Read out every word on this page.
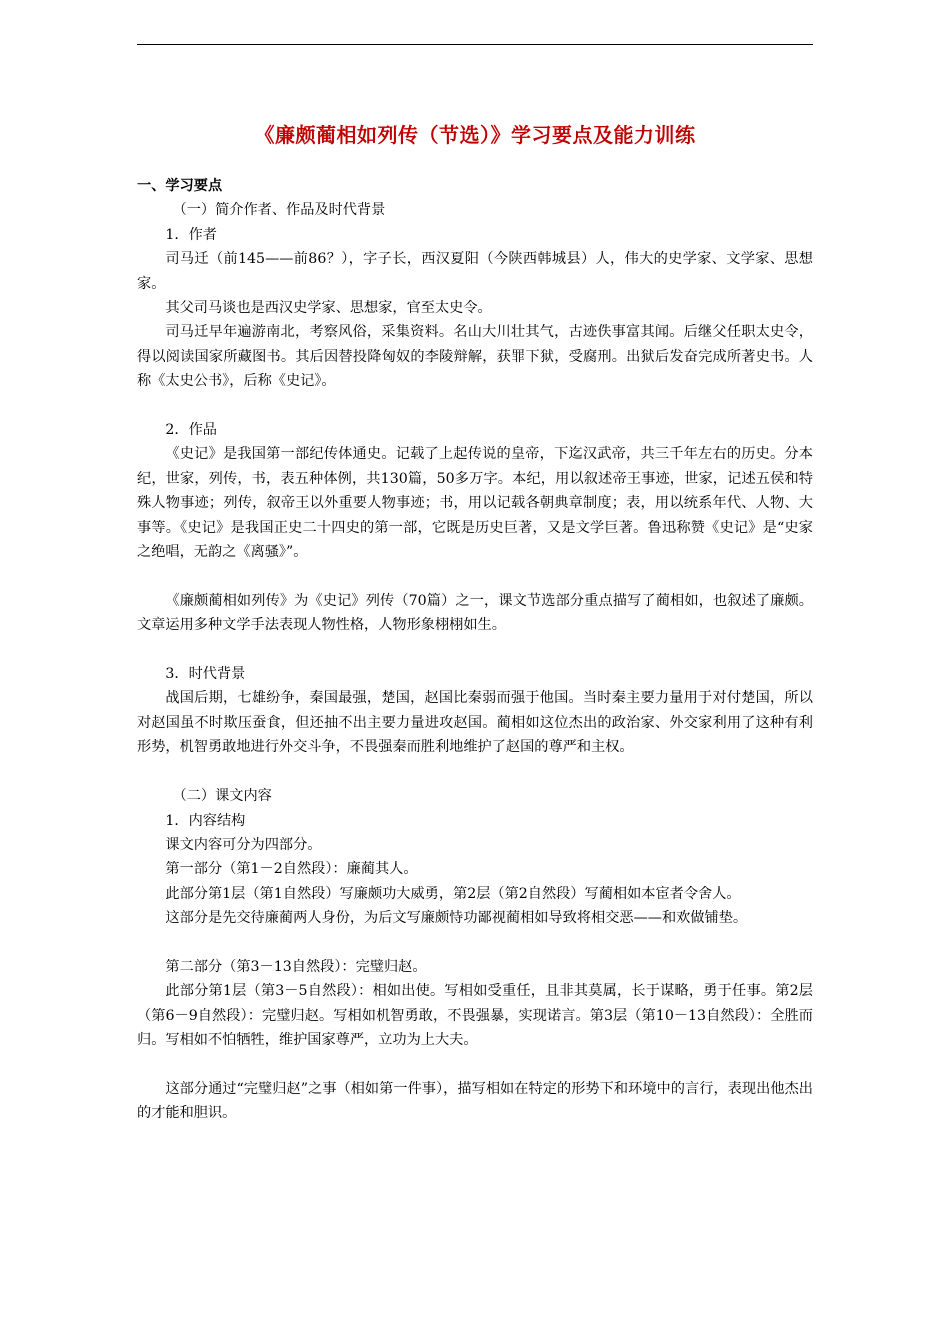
《廉颇蔺相如列传（节选）》学习要点及能力训练

一、学习要点

（一）简介作者、作品及时代背景

1．作者

司马迁（前145——前86？），字子长，西汉夏阳（今陕西韩城县）人，伟大的史学家、文学家、思想家。

其父司马谈也是西汉史学家、思想家，官至太史令。

司马迁早年遍游南北，考察风俗，采集资料。名山大川壮其气，古迹佚事富其闻。后继父任职太史令，得以阅读国家所藏图书。其后因替投降匈奴的李陵辩解，获罪下狱，受腐刑。出狱后发奋完成所著史书。人称《太史公书》，后称《史记》。

2．作品

《史记》是我国第一部纪传体通史。记载了上起传说的皇帝，下迄汉武帝，共三千年左右的历史。分本纪，世家，列传，书，表五种体例，共130篇，50多万字。本纪，用以叙述帝王事迹，世家，记述五侯和特殊人物事迹；列传，叙帝王以外重要人物事迹；书，用以记载各朝典章制度；表，用以统系年代、人物、大事等。《史记》是我国正史二十四史的第一部，它既是历史巨著，又是文学巨著。鲁迅称赞《史记》是“史家之绝唱，无韵之《离骚》”。

《廉颇蔺相如列传》为《史记》列传（70篇）之一，课文节选部分重点描写了蔺相如，也叙述了廉颇。文章运用多种文学手法表现人物性格，人物形象栩栩如生。

3．时代背景

战国后期，七雄纷争，秦国最强，楚国，赵国比秦弱而强于他国。当时秦主要力量用于对付楚国，所以对赵国虽不时欺压蚕食，但还抽不出主要力量进攻赵国。蔺相如这位杰出的政治家、外交家利用了这种有利形势，机智勇敢地进行外交斗争，不畏强秦而胜利地维护了赵国的尊严和主权。

（二）课文内容

1．内容结构

课文内容可分为四部分。

第一部分（第1－2自然段）：廉蔺其人。

此部分第1层（第1自然段）写廉颇功大威勇，第2层（第2自然段）写蔺相如本宦者令舍人。

这部分是先交待廉蔺两人身份，为后文写廉颇恃功鄙视蔺相如导致将相交恶——和欢做铺垫。

第二部分（第3－13自然段）：完璧归赵。

此部分第1层（第3－5自然段）：相如出使。写相如受重任，且非其莫属，长于谋略，勇于任事。第2层（第6－9自然段）：完璧归赵。写相如机智勇敢，不畏强暴，实现诺言。第3层（第10－13自然段）：全胜而归。写相如不怕牺牲，维护国家尊严，立功为上大夫。

这部分通过“完璧归赵”之事（相如第一件事），描写相如在特定的形势下和环境中的言行，表现出他杰出的才能和胆识。
